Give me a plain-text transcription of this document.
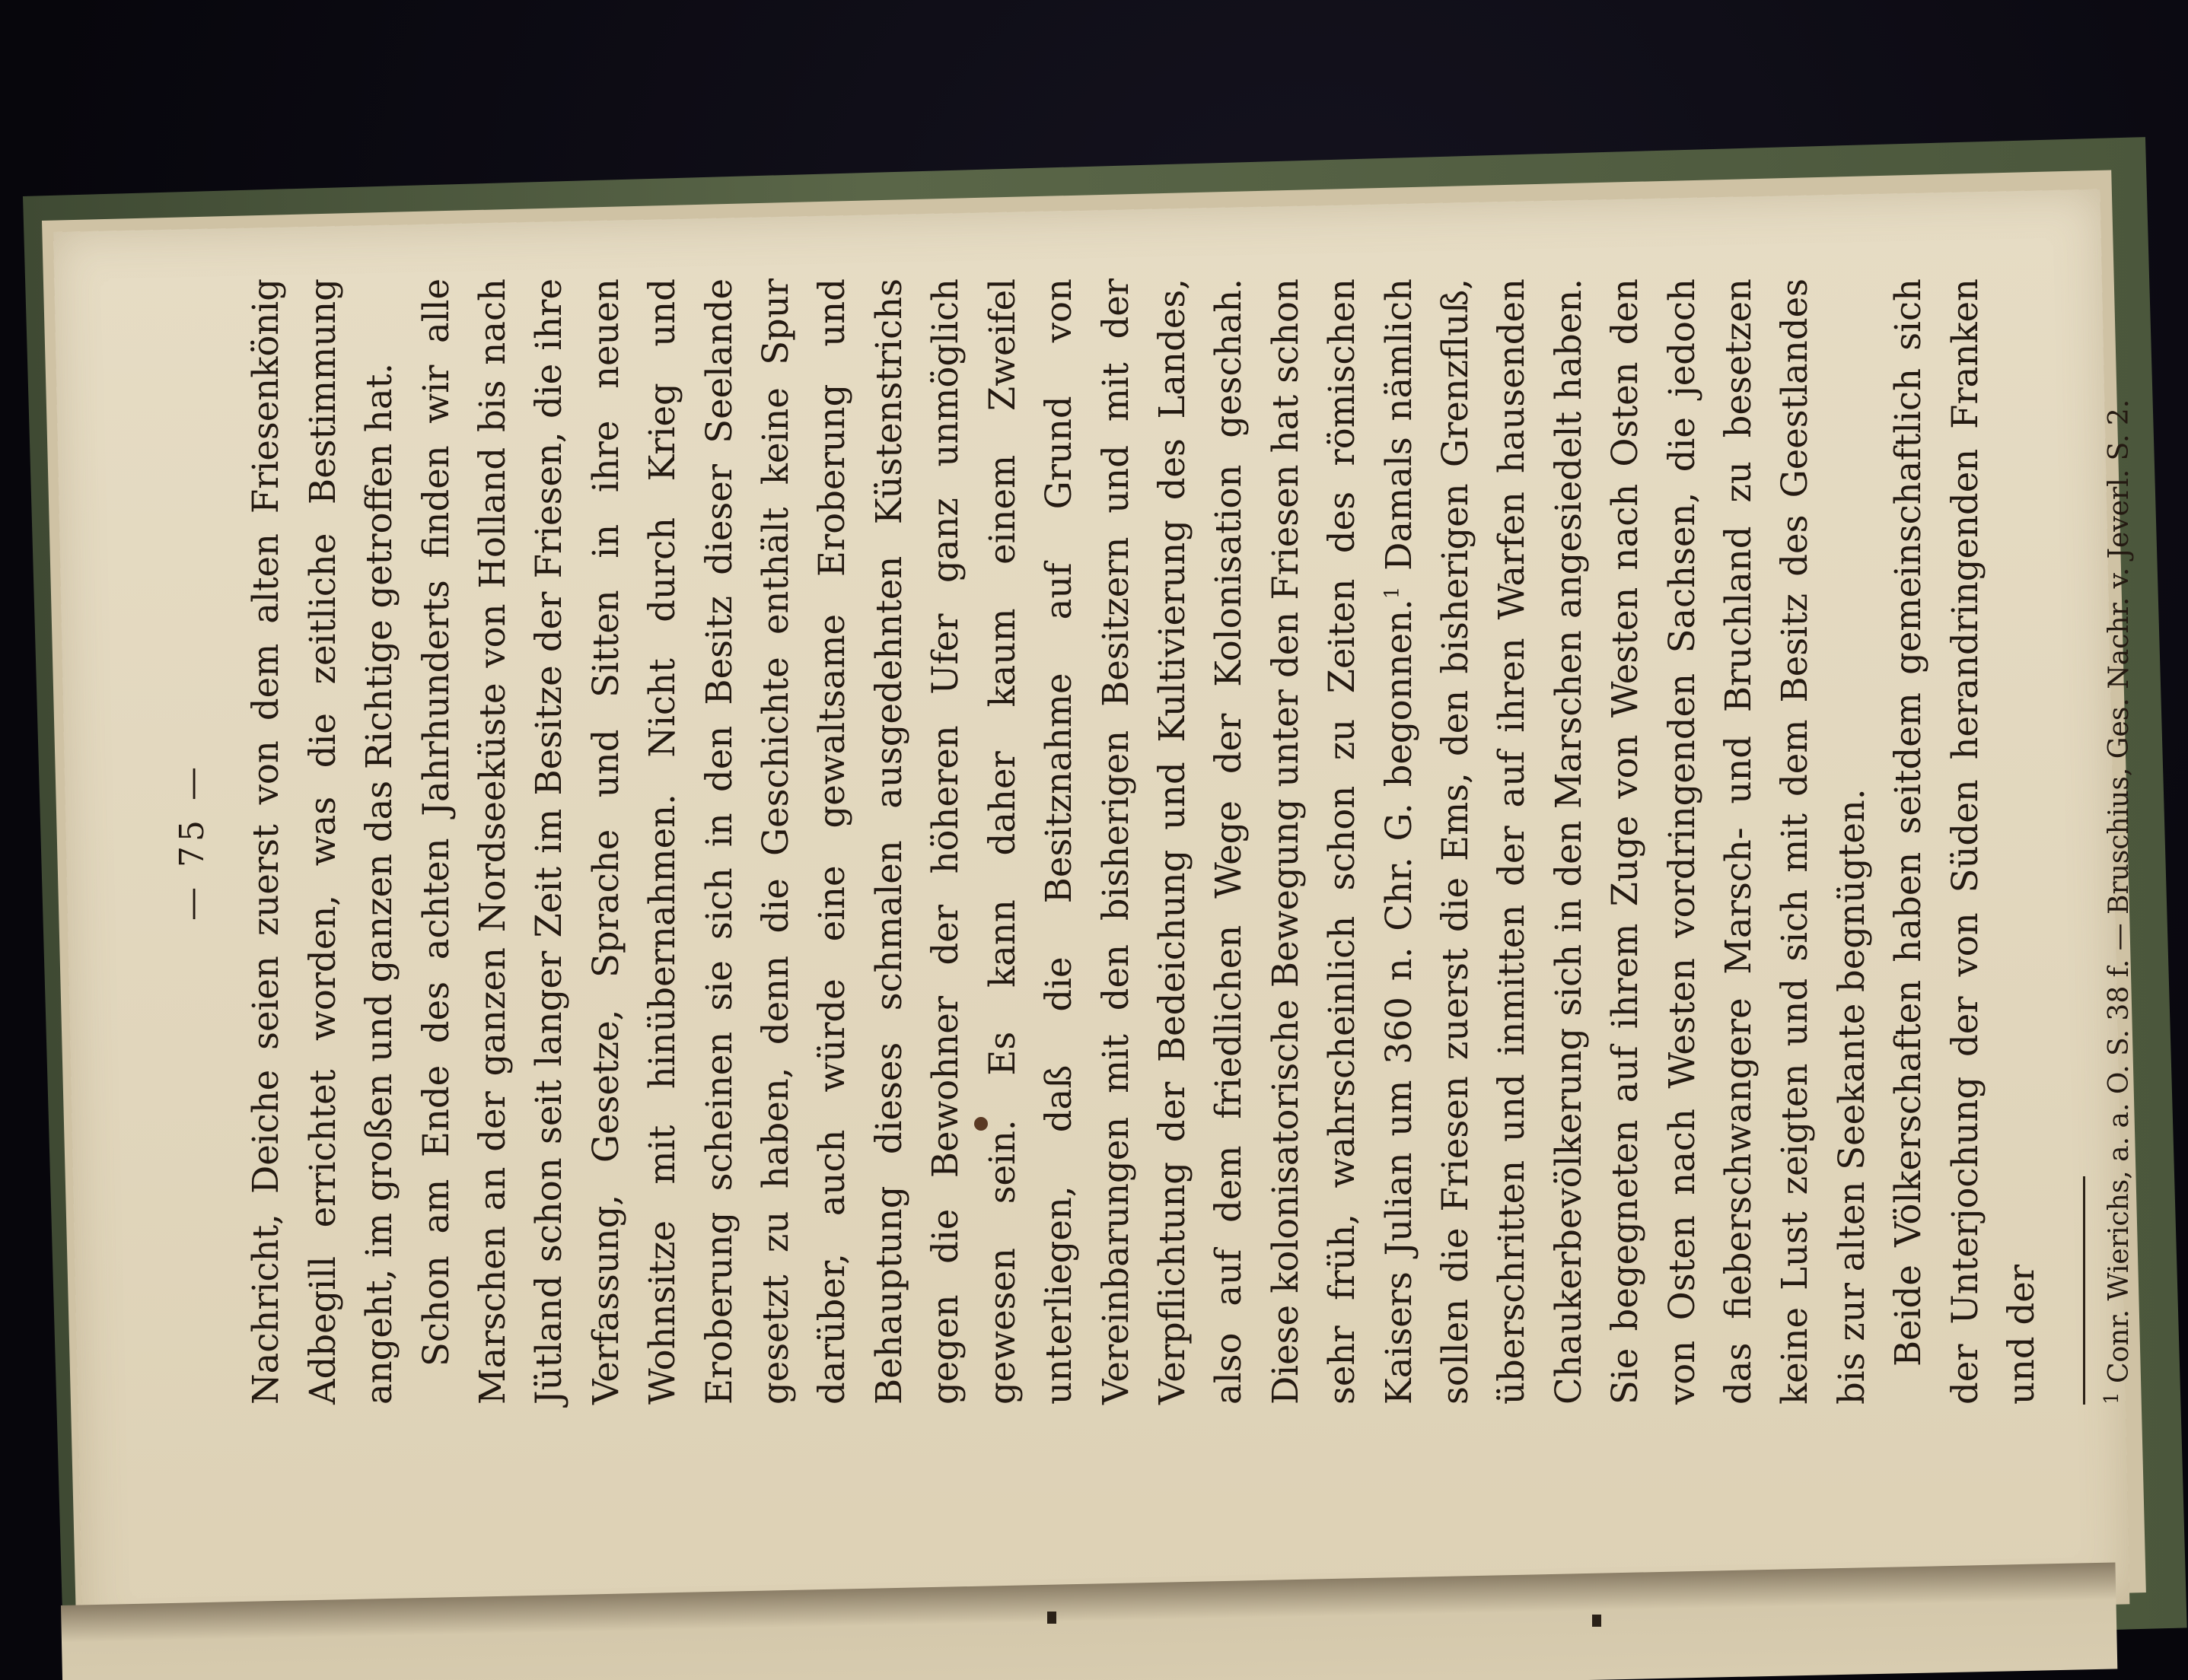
— 75 — Nachricht, Deiche seien zuerst von dem alten Friesenkönig Adbegill errichtet worden, was die zeitliche Bestimmung angeht, im großen und ganzen das Richtige getroffen hat. Schon am Ende des achten Jahrhunderts finden wir alle Marschen an der ganzen Nordseeküste von Holland bis nach Jütland schon seit langer Zeit im Besitze der Friesen, die ihre Verfassung, Gesetze, Sprache und Sitten in ihre neuen Wohnsitze mit hinübernahmen. Nicht durch Krieg und Eroberung scheinen sie sich in den Besitz dieser Seelande gesetzt zu haben, denn die Geschichte enthält keine Spur darüber, auch würde eine gewaltsame Eroberung und Behauptung dieses schmalen ausgedehnten Küstenstrichs gegen die Bewohner der höheren Ufer ganz unmöglich gewesen sein. Es kann daher kaum einem Zweifel unterliegen, daß die Besitznahme auf Grund von Vereinbarungen mit den bisherigen Besitzern und mit der Verpflichtung der Bedeichung und Kultivierung des Landes, also auf dem friedlichen Wege der Kolonisation geschah. Diese kolonisatorische Bewegung unter den Friesen hat schon sehr früh, wahrscheinlich schon zu Zeiten des römischen Kaisers Julian um 360 n. Chr. G. begonnen.$^1$ Damals nämlich sollen die Friesen zuerst die Ems, den bisherigen Grenzfluß, überschritten und inmitten der auf ihren Warfen hausenden Chaukerbevölkerung sich in den Marschen angesiedelt haben. Sie begegneten auf ihrem Zuge von Westen nach Osten den von Osten nach Westen vordringenden Sachsen, die jedoch das fieberschwangere Marsch- und Bruchland zu besetzen keine Lust zeigten und sich mit dem Besitz des Geestlandes bis zur alten Seekante begnügten. Beide Völkerschaften haben seitdem gemeinschaftlich sich der Unterjochung der von Süden herandringenden Franken und der	$^1$ Conr. Wierichs, a. a. O. S. 38 f. — Bruschius, Ges. Nachr. v. Jeverl. S. 2.
